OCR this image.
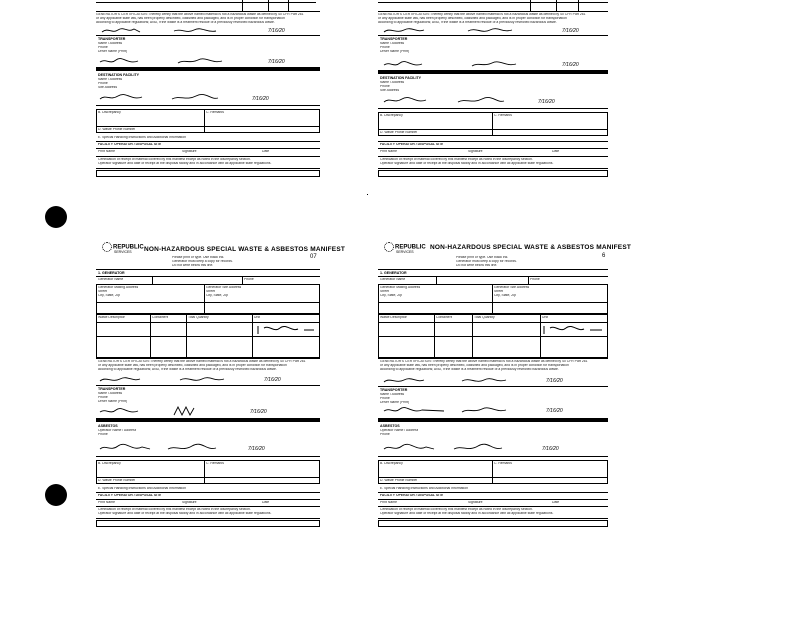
GENERATOR'S CERTIFICATION: I hereby certify that the above named material is not a hazardous waste as defined by 40 CFR Part 261
or any applicable state law, has been properly described, classified and packaged, and is in proper condition for transportation
according to applicable regulations; AND, if the waste is a treatment residue of a previously restricted hazardous waste.
7/16/20
TRANSPORTER
Name / Address
Phone
Driver Name (Print)
7/16/20
DESTINATION FACILITY
Name / Address
Phone
Site Address
7/16/20
B. Discrepancy	C. Remarks
D. Waste Profile Number
E. Special Handling Instructions and Additional Information
FACILITY OPERATOR / DISPOSAL SITE
Print Name	Signature	Date
Certification of receipt of material covered by this manifest except as noted in the discrepancy section.
Operator signature and date of receipt at the disposal facility and in accordance with all applicable state regulations.
GENERATOR'S CERTIFICATION: I hereby certify that the above named material is not a hazardous waste as defined by 40 CFR Part 261
or any applicable state law, has been properly described, classified and packaged, and is in proper condition for transportation
according to applicable regulations; AND, if the waste is a treatment residue of a previously restricted hazardous waste.
7/16/20
TRANSPORTER
Name / Address
Phone
Driver Name (Print)
7/16/20
DESTINATION FACILITY
Name / Address
Phone
Site Address
7/16/20
B. Discrepancy	C. Remarks
D. Waste Profile Number
FACILITY OPERATOR / DISPOSAL SITE
Print Name	Signature	Date
Certification of receipt of material covered by this manifest except as noted in the discrepancy section.
Operator signature and date of receipt at the disposal facility and in accordance with all applicable state regulations.
REPUBLIC
SERVICES	NON-HAZARDOUS SPECIAL WASTE & ASBESTOS MANIFEST
07
Please print or type. Use black ink.
Generator must keep a copy for records.
Do not write below this line.
1. GENERATOR
Generator Name	Phone
Generator Mailing Address
Street
City, State, Zip
Generator Site Address
Street
City, State, Zip
Waste Description	Containers	Total Quantity	Unit
GENERATOR'S CERTIFICATION: I hereby certify that the above named material is not a hazardous waste as defined by 40 CFR Part 261
or any applicable state law, has been properly described, classified and packaged, and is in proper condition for transportation
according to applicable regulations; AND, if the waste is a treatment residue of a previously restricted hazardous waste.
7/16/20
TRANSPORTER
Name / Address
Phone
Driver Name (Print)
7/16/20
ASBESTOS
Operator Name / Address
Phone
7/16/20
B. Discrepancy	C. Remarks
D. Waste Profile Number
E. Special Handling Instructions and Additional Information
FACILITY OPERATOR / DISPOSAL SITE
Print Name	Signature	Date
Certification of receipt of material covered by this manifest except as noted in the discrepancy section.
Operator signature and date of receipt at the disposal facility and in accordance with all applicable state regulations.
REPUBLIC
SERVICES
NON-HAZARDOUS SPECIAL WASTE & ASBESTOS MANIFEST
6
Please print or type. Use black ink.
Generator must keep a copy for records.
Do not write below this line.
1. GENERATOR
Generator Name	Phone
Generator Mailing Address
Street
City, State, Zip
Generator Site Address
Street
City, State, Zip
Waste Description	Containers	Total Quantity	Unit
GENERATOR'S CERTIFICATION: I hereby certify that the above named material is not a hazardous waste as defined by 40 CFR Part 261
or any applicable state law, has been properly described, classified and packaged, and is in proper condition for transportation
according to applicable regulations; AND, if the waste is a treatment residue of a previously restricted hazardous waste.
7/16/20
TRANSPORTER
Name / Address
Phone
Driver Name (Print)
7/16/20
ASBESTOS
Operator Name / Address
Phone
7/16/20
B. Discrepancy	C. Remarks
D. Waste Profile Number
E. Special Handling Instructions and Additional Information
FACILITY OPERATOR / DISPOSAL SITE
Print Name	Signature	Date
Certification of receipt of material covered by this manifest except as noted in the discrepancy section.
Operator signature and date of receipt at the disposal facility and in accordance with all applicable state regulations.
